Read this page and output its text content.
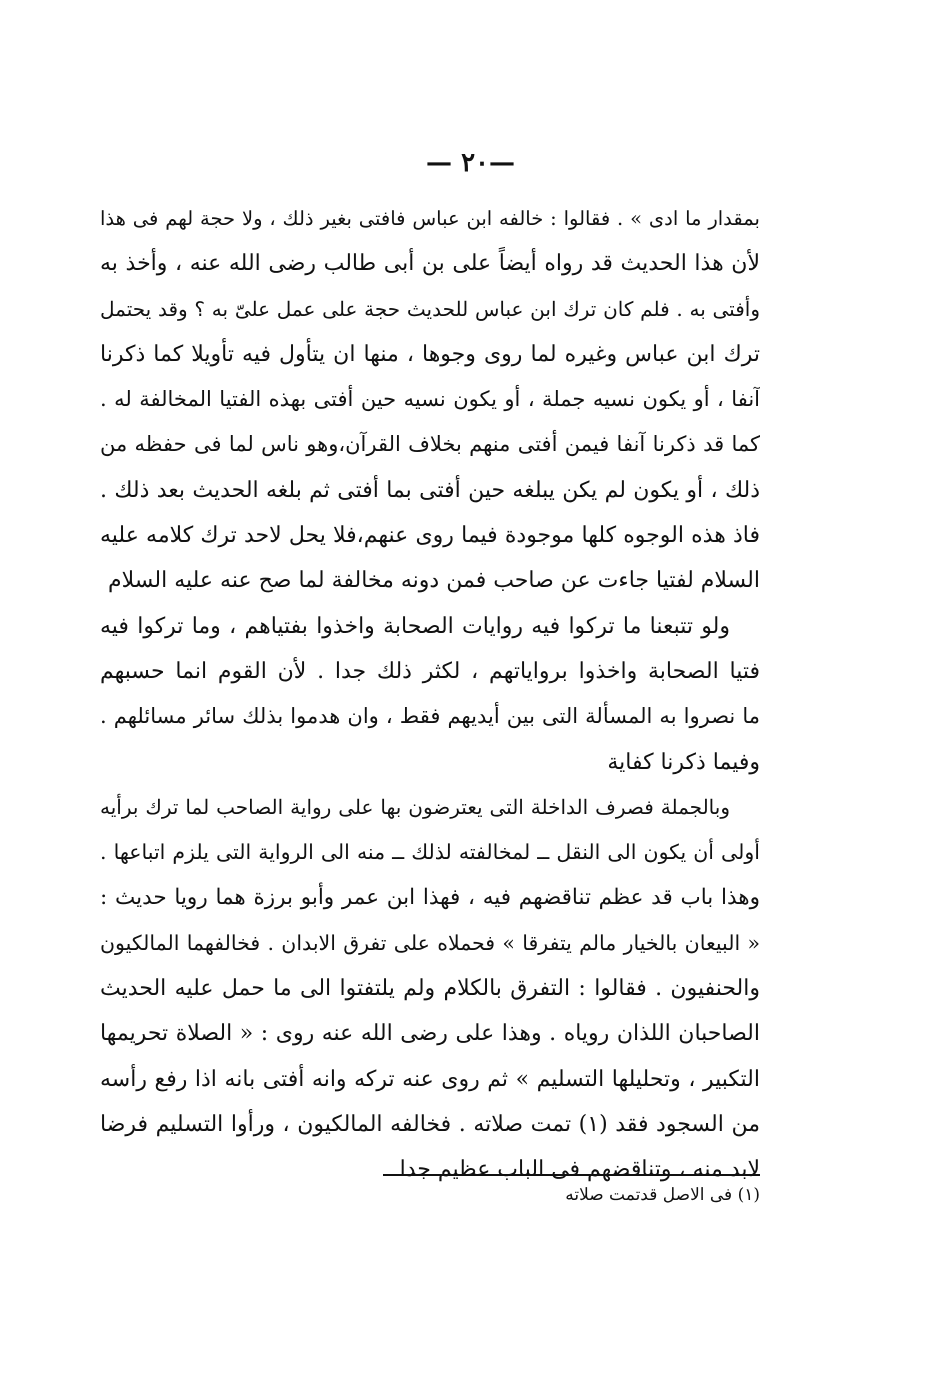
—٢٠ —
بمقدار ما ادى » . فقالوا : خالفه ابن عباس فافتى بغير ذلك ، ولا حجة لهم فى هذا
لأن هذا الحديث قد رواه أيضاً على بن أبى طالب رضى الله عنه ، وأخذ به
وأفتى به . فلم كان ترك ابن عباس للحديث حجة على عمل علىّ به ؟ وقد يحتمل
ترك ابن عباس وغيره لما روى وجوها ، منها ان يتأول فيه تأويلا كما ذكرنا
آنفا ، أو يكون نسيه جملة ، أو يكون نسيه حين أفتى بهذه الفتيا المخالفة له .
كما قد ذكرنا آنفا فيمن أفتى منهم بخلاف القرآن،وهو ناس لما فى حفظه من
ذلك ، أو يكون لم يكن يبلغه حين أفتى بما أفتى ثم بلغه الحديث بعد ذلك .
فاذ هذه الوجوه كلها موجودة فيما روى عنهم،فلا يحل لاحد ترك كلامه عليه
السلام لفتيا جاءت عن صاحب فمن دونه مخالفة لما صح عنه عليه السلام
ولو تتبعنا ما تركوا فيه روايات الصحابة واخذوا بفتياهم ، وما تركوا فيه
فتيا الصحابة واخذوا برواياتهم ، لكثر ذلك جدا . لأن القوم انما حسبهم
ما نصروا به المسألة التى بين أيديهم فقط ، وان هدموا بذلك سائر مسائلهم .
وفيما ذكرنا كفاية
وبالجملة فصرف الداخلة التى يعترضون بها على رواية الصاحب لما ترك برأيه
أولى أن يكون الى النقل ــ لمخالفته لذلك ــ منه الى الرواية التى يلزم اتباعها .
وهذا باب قد عظم تناقضهم فيه ، فهذا ابن عمر وأبو برزة هما رويا حديث :
« البيعان بالخيار مالم يتفرقا » فحملاه على تفرق الابدان . فخالفهما المالكيون
والحنفيون . فقالوا : التفرق بالكلام ولم يلتفتوا الى ما حمل عليه الحديث
الصاحبان اللذان روياه . وهذا على رضى الله عنه روى : « الصلاة تحريمها
التكبير ، وتحليلها التسليم » ثم روى عنه تركه وانه أفتى بانه اذا رفع رأسه
من السجود فقد (١) تمت صلاته . فخالفه المالكيون ، ورأوا التسليم فرضا
لابد منه ، وتناقضهم فى الباب عظيم جدا
(١) فى الاصل قدتمت صلاته
